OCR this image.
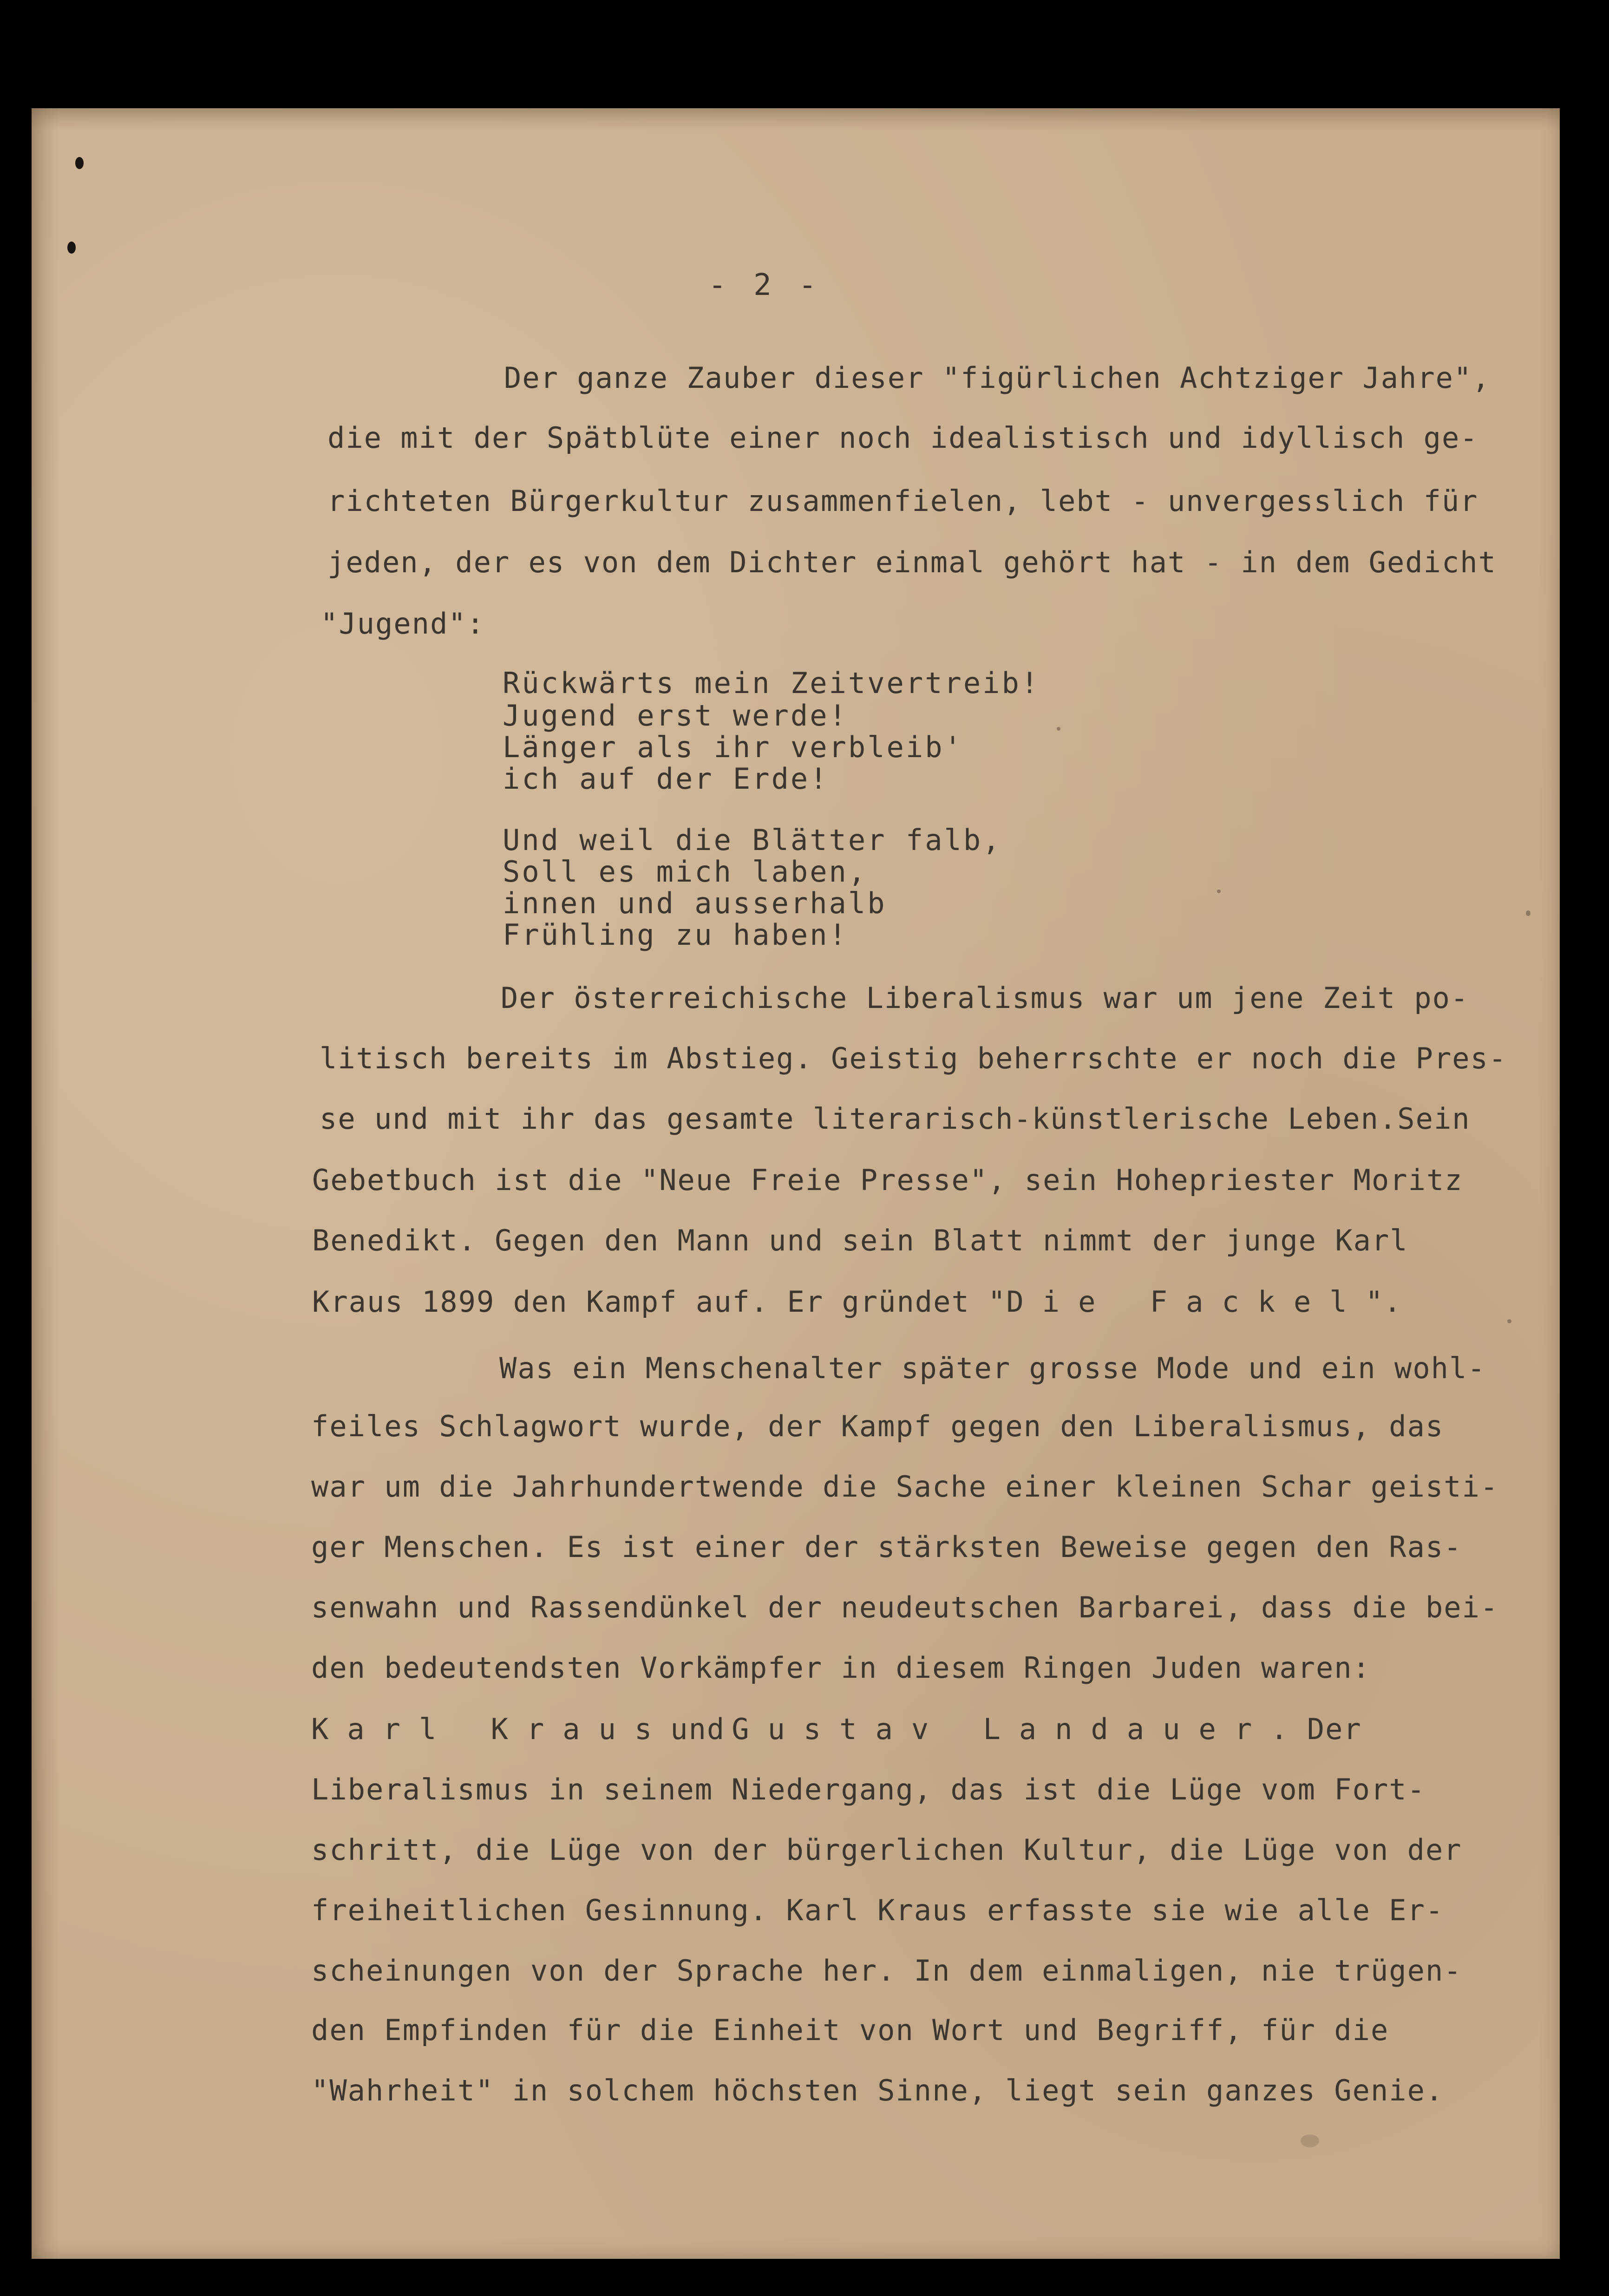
- 2 -
Der ganze Zauber dieser "figürlichen Achtziger Jahre",
die mit der Spätblüte einer noch idealistisch und idyllisch ge-
richteten Bürgerkultur zusammenfielen, lebt - unvergesslich für
jeden, der es von dem Dichter einmal gehört hat - in dem Gedicht
"Jugend":
Rückwärts mein Zeitvertreib!
Jugend erst werde!
Länger als ihr verbleib'
ich auf der Erde!
Und weil die Blätter falb,
Soll es mich laben,
innen und ausserhalb
Frühling zu haben!
Der österreichische Liberalismus war um jene Zeit po-
litisch bereits im Abstieg. Geistig beherrschte er noch die Pres-
se und mit ihr das gesamte literarisch-künstlerische Leben.Sein
Gebetbuch ist die "Neue Freie Presse", sein Hohepriester Moritz
Benedikt. Gegen den Mann und sein Blatt nimmt der junge Karl
Kraus 1899 den Kampf auf. Er gründet "Die Fackel".
Was ein Menschenalter später grosse Mode und ein wohl-
feiles Schlagwort wurde, der Kampf gegen den Liberalismus, das
war um die Jahrhundertwende die Sache einer kleinen Schar geisti-
ger Menschen. Es ist einer der stärksten Beweise gegen den Ras-
senwahn und Rassendünkel der neudeutschen Barbarei, dass die bei-
den bedeutendsten Vorkämpfer in diesem Ringen Juden waren:
Karl Krausund Gustav Landauer. Der
Liberalismus in seinem Niedergang, das ist die Lüge vom Fort-
schritt, die Lüge von der bürgerlichen Kultur, die Lüge von der
freiheitlichen Gesinnung. Karl Kraus erfasste sie wie alle Er-
scheinungen von der Sprache her. In dem einmaligen, nie trügen-
den Empfinden für die Einheit von Wort und Begriff, für die
"Wahrheit" in solchem höchsten Sinne, liegt sein ganzes Genie.
